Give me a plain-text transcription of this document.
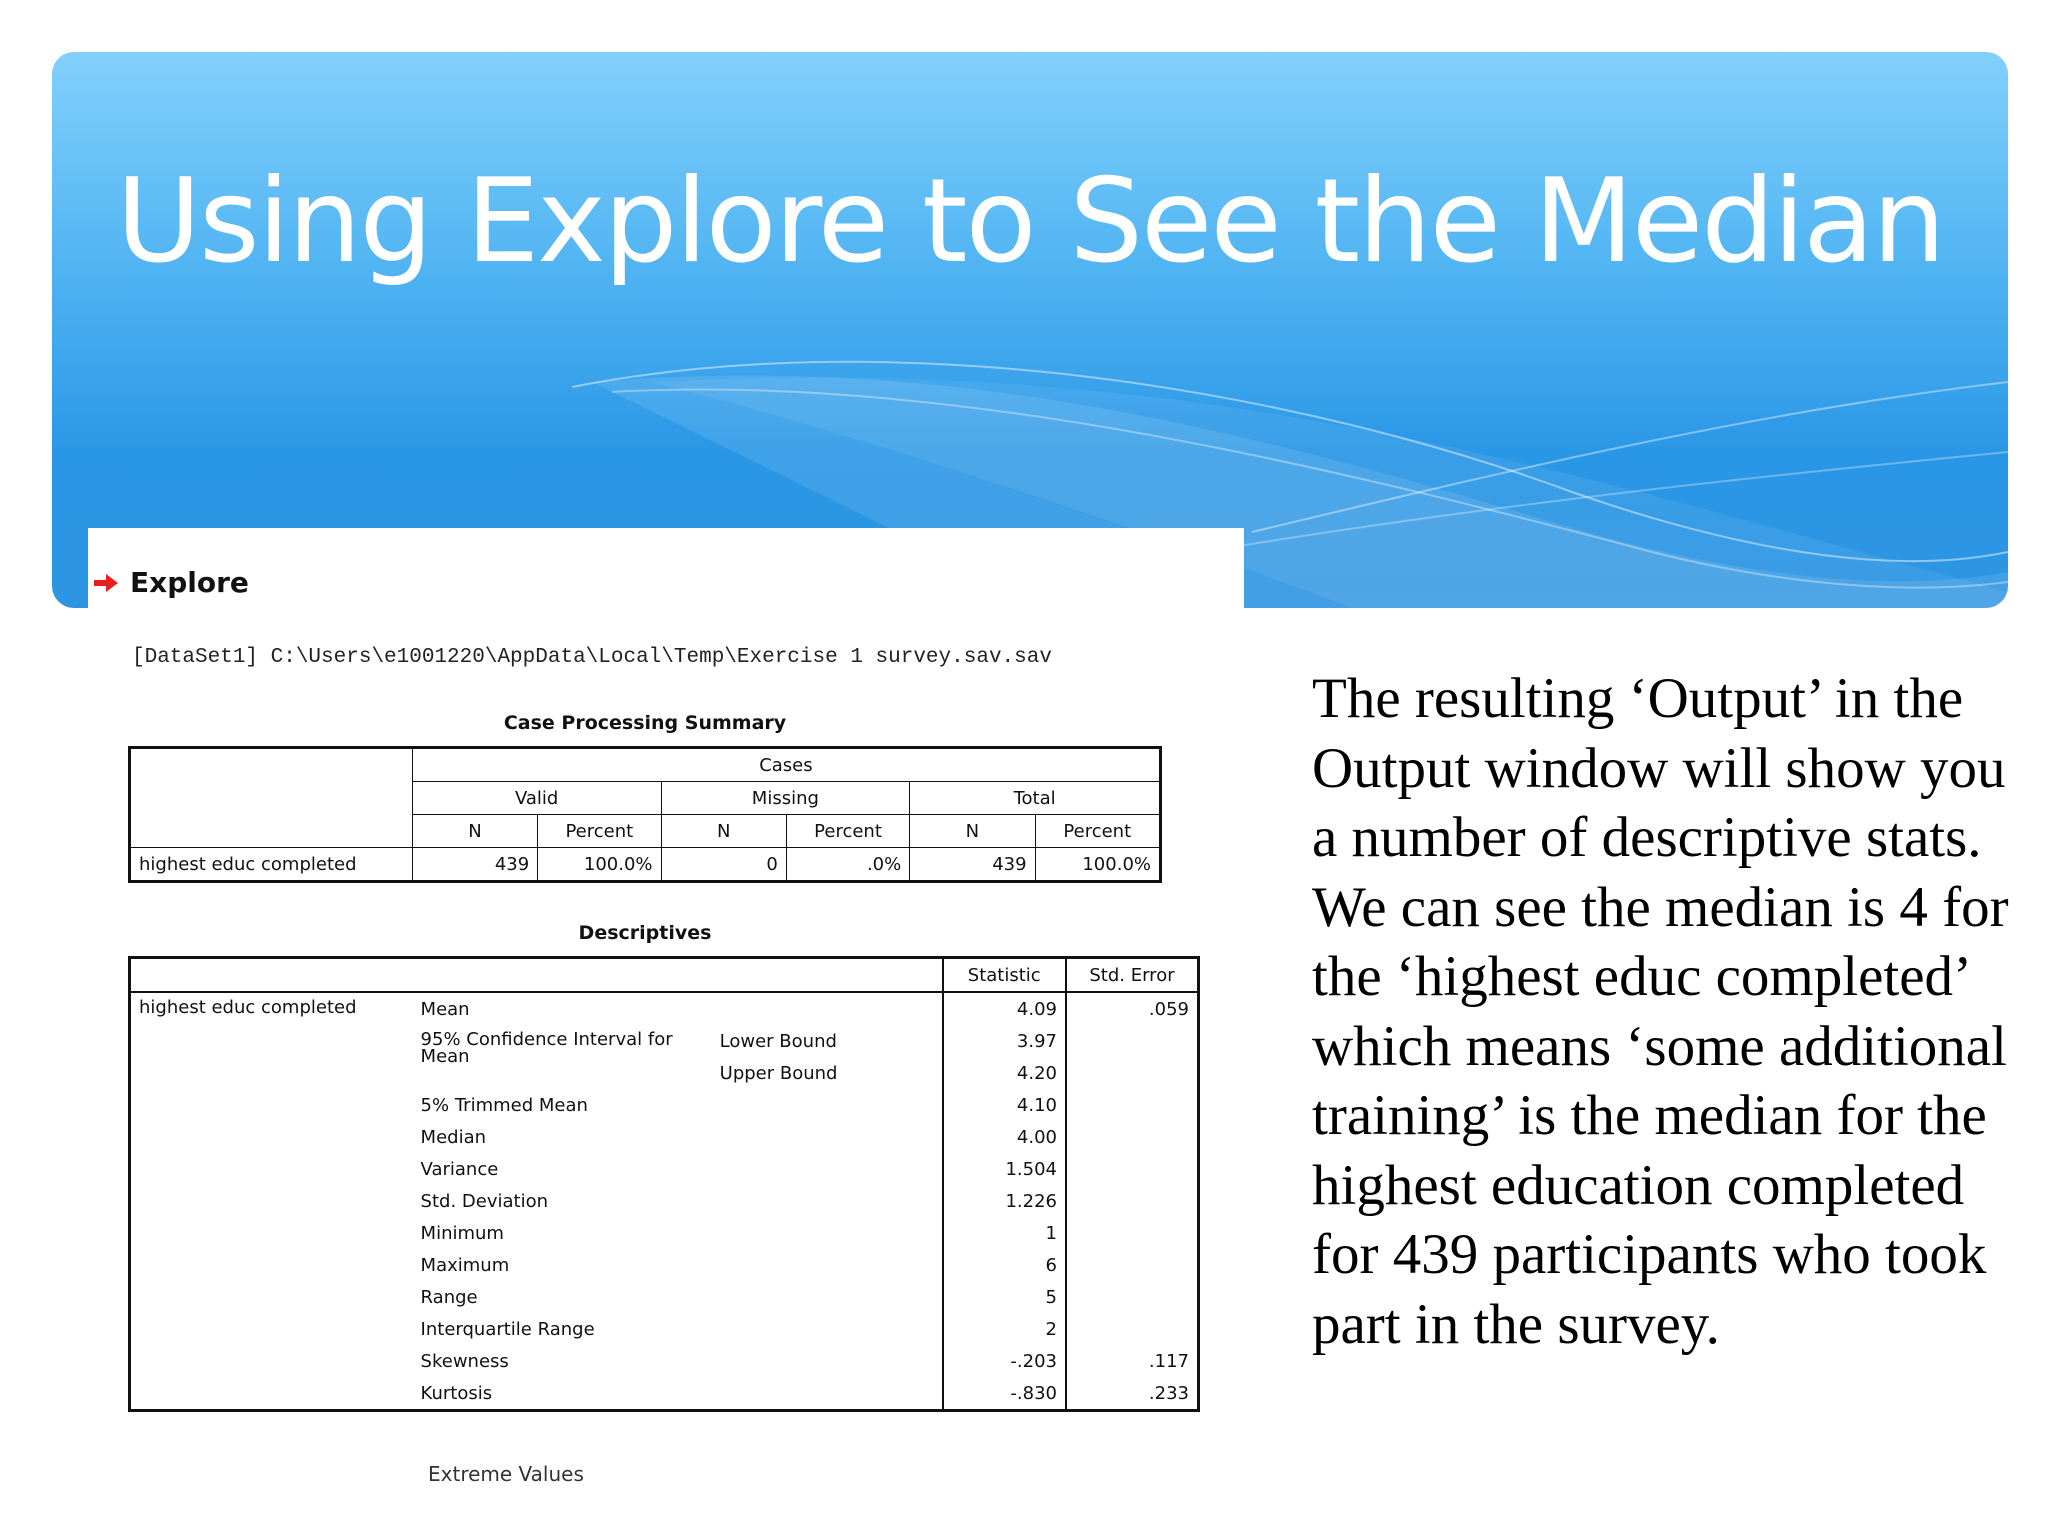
Using Explore to See the Median
Explore
[DataSet1] C:\Users\e1001220\AppData\Local\Temp\Exercise 1 survey.sav.sav
Case Processing Summary
	Cases					
	Valid		Missing		Total	
	N	Percent	N	Percent	N	Percent
highest educ completed	439	100.0%	0	.0%	439	100.0%
Descriptives
			Statistic	Std. Error
highest educ completed	Mean		4.09	.059
	95% Confidence Interval for Mean	Lower Bound	3.97	
		Upper Bound	4.20	
	5% Trimmed Mean		4.10	
	Median		4.00	
	Variance		1.504	
	Std. Deviation		1.226	
	Minimum		1	
	Maximum		6	
	Range		5	
	Interquartile Range		2	
	Skewness		-.203	.117
	Kurtosis		-.830	.233
Extreme Values

The resulting ‘Output’ in the Output window will show you a number of descriptive stats.

We can see the median is 4 for the ‘highest educ completed’ which means ‘some additional training’ is the median for the highest education completed for 439 participants who took part in the survey.
